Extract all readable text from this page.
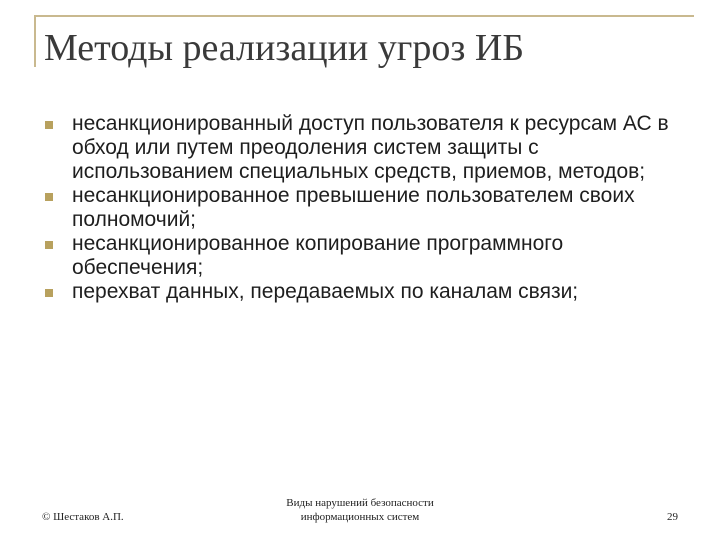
Методы реализации угроз ИБ
несанкционированный доступ пользователя к ресурсам АС в обход или путем преодоления систем защиты с использованием специальных средств, приемов, методов;
несанкционированное превышение пользователем своих полномочий;
несанкционированное копирование программного обеспечения;
перехват данных, передаваемых по каналам связи;
© Шестаков А.П.
Виды нарушений безопасности
информационных систем	29
